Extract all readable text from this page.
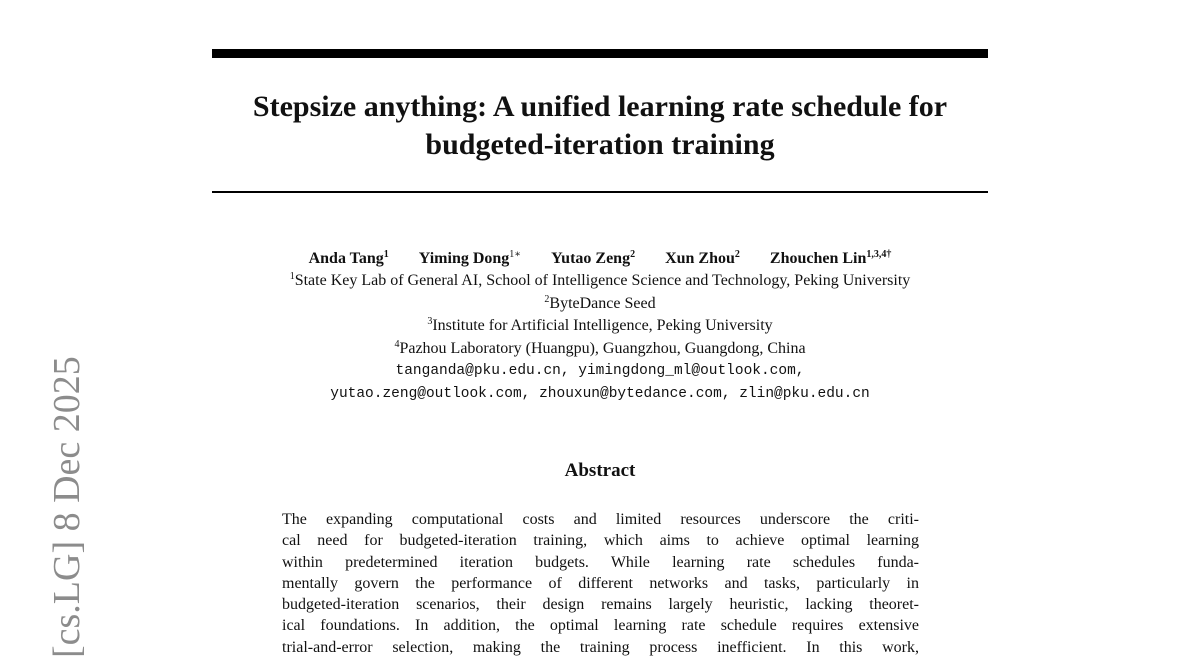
[cs.LG] 8 Dec 2025
Stepsize anything: A unified learning rate schedule for
budgeted-iteration training
Anda Tang$^1$ Yiming Dong$^{1∗}$ Yutao Zeng$^2$ Xun Zhou$^2$ Zhouchen Lin$^{1,3,4\dagger}$
$^1$State Key Lab of General AI, School of Intelligence Science and Technology, Peking University
$^2$ByteDance Seed
$^3$Institute for Artificial Intelligence, Peking University
$^4$Pazhou Laboratory (Huangpu), Guangzhou, Guangdong, China
tanganda@pku.edu.cn, yimingdong_ml@outlook.com,
yutao.zeng@outlook.com, zhouxun@bytedance.com, zlin@pku.edu.cn
Abstract
The expanding computational costs and limited resources underscore the criti-
cal need for budgeted-iteration training, which aims to achieve optimal learning
within predetermined iteration budgets. While learning rate schedules funda-
mentally govern the performance of different networks and tasks, particularly in
budgeted-iteration scenarios, their design remains largely heuristic, lacking theoret-
ical foundations. In addition, the optimal learning rate schedule requires extensive
trial-and-error selection, making the training process inefficient. In this work,
